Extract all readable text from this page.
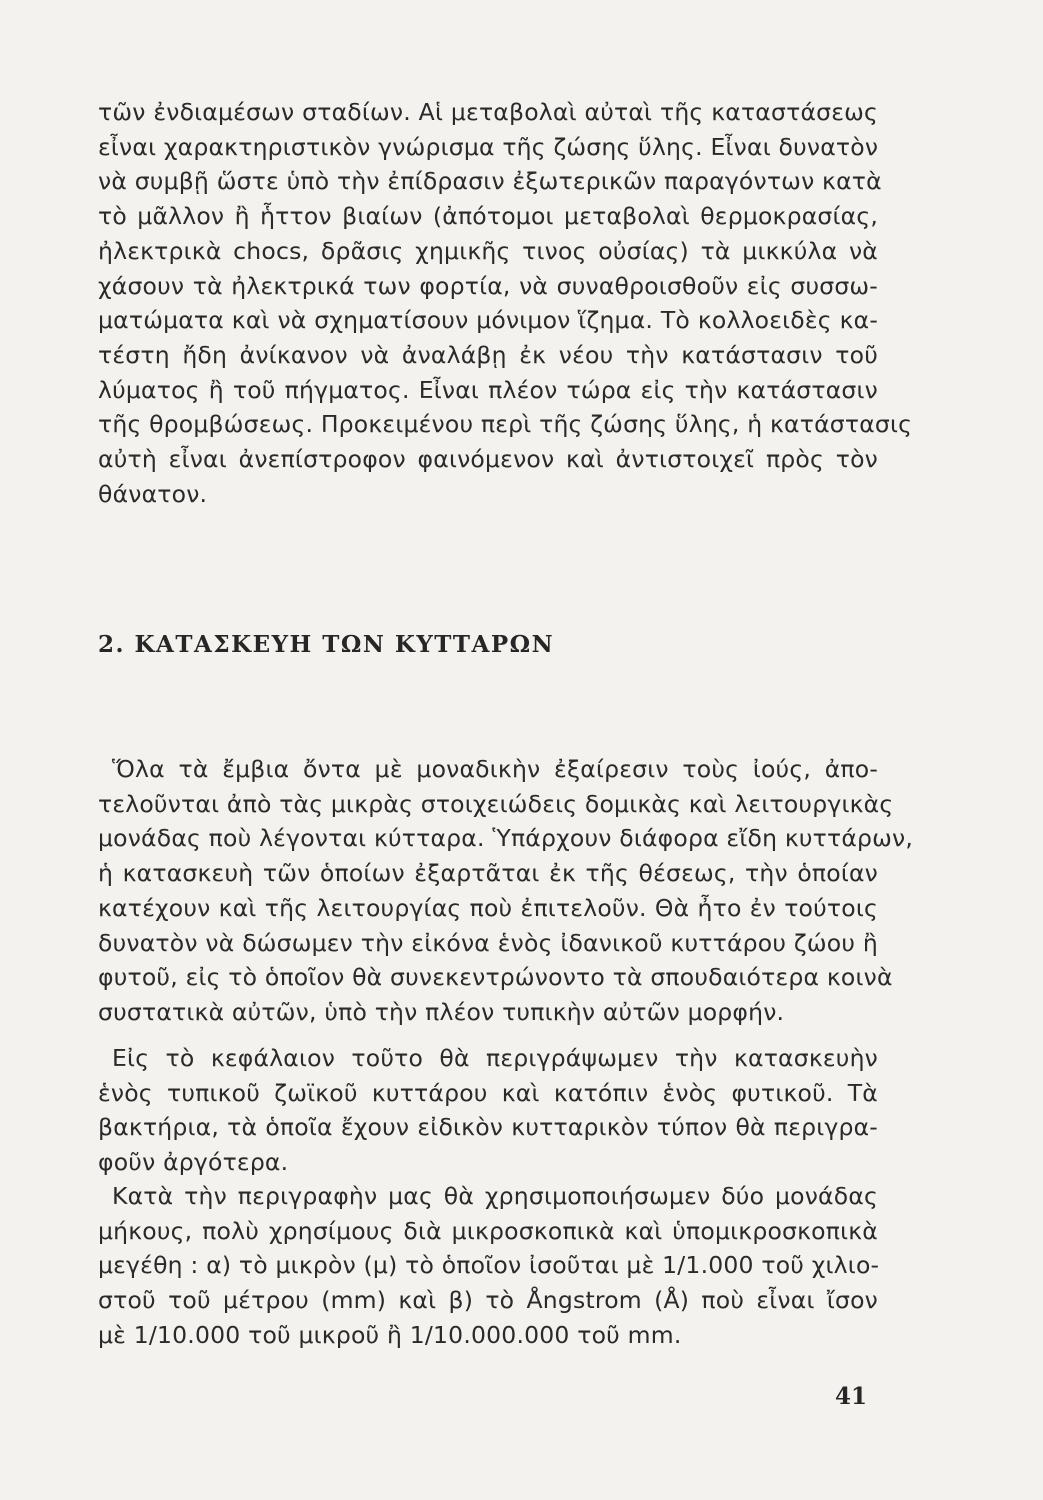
τῶν ἐνδιαμέσων σταδίων. Αἱ μεταβολαὶ αὐταὶ τῆς καταστάσεως
εἶναι χαρακτηριστικὸν γνώρισμα τῆς ζώσης ὕλης. Εἶναι δυνατὸν
νὰ συμβῇ ὥστε ὑπὸ τὴν ἐπίδρασιν ἐξωτερικῶν παραγόντων κατὰ
τὸ μᾶλλον ἢ ἧττον βιαίων (ἀπότομοι μεταβολαὶ θερμοκρασίας,
ἠλεκτρικὰ chocs, δρᾶσις χημικῆς τινος οὐσίας) τὰ μικκύλα νὰ
χάσουν τὰ ἠλεκτρικά των φορτία, νὰ συναθροισθοῦν εἰς συσσω-
ματώματα καὶ νὰ σχηματίσουν μόνιμον ἵζημα. Τὸ κολλοειδὲς κα-
τέστη ἤδη ἀνίκανον νὰ ἀναλάβῃ ἐκ νέου τὴν κατάστασιν τοῦ
λύματος ἢ τοῦ πήγματος. Εἶναι πλέον τώρα εἰς τὴν κατάστασιν
τῆς θρομβώσεως. Προκειμένου περὶ τῆς ζώσης ὕλης, ἡ κατάστασις
αὐτὴ εἶναι ἀνεπίστροφον φαινόμενον καὶ ἀντιστοιχεῖ πρὸς τὸν
θάνατον.
2. ΚΑΤΑΣΚΕΥΗ ΤΩΝ ΚΥΤΤΑΡΩΝ
Ὅλα τὰ ἔμβια ὄντα μὲ μοναδικὴν ἐξαίρεσιν τοὺς ἰούς, ἀπο-
τελοῦνται ἀπὸ τὰς μικρὰς στοιχειώδεις δομικὰς καὶ λειτουργικὰς
μονάδας ποὺ λέγονται κύτταρα. Ὑπάρχουν διάφορα εἴδη κυττάρων,
ἡ κατασκευὴ τῶν ὁποίων ἐξαρτᾶται ἐκ τῆς θέσεως, τὴν ὁποίαν
κατέχουν καὶ τῆς λειτουργίας ποὺ ἐπιτελοῦν. Θὰ ἦτο ἐν τούτοις
δυνατὸν νὰ δώσωμεν τὴν εἰκόνα ἑνὸς ἰδανικοῦ κυττάρου ζώου ἢ
φυτοῦ, εἰς τὸ ὁποῖον θὰ συνεκεντρώνοντο τὰ σπουδαιότερα κοινὰ
συστατικὰ αὐτῶν, ὑπὸ τὴν πλέον τυπικὴν αὐτῶν μορφήν.
Εἰς τὸ κεφάλαιον τοῦτο θὰ περιγράψωμεν τὴν κατασκευὴν
ἑνὸς τυπικοῦ ζωϊκοῦ κυττάρου καὶ κατόπιν ἑνὸς φυτικοῦ. Τὰ
βακτήρια, τὰ ὁποῖα ἔχουν εἰδικὸν κυτταρικὸν τύπον θὰ περιγρα-
φοῦν ἀργότερα.
Κατὰ τὴν περιγραφὴν μας θὰ χρησιμοποιήσωμεν δύο μονάδας
μήκους, πολὺ χρησίμους διὰ μικροσκοπικὰ καὶ ὑπομικροσκοπικὰ
μεγέθη : α) τὸ μικρὸν (μ) τὸ ὁποῖον ἰσοῦται μὲ 1/1.000 τοῦ χιλιο-
στοῦ τοῦ μέτρου (mm) καὶ β) τὸ Ångstrom (Å) ποὺ εἶναι ἴσον
μὲ 1/10.000 τοῦ μικροῦ ἢ 1/10.000.000 τοῦ mm.
41
